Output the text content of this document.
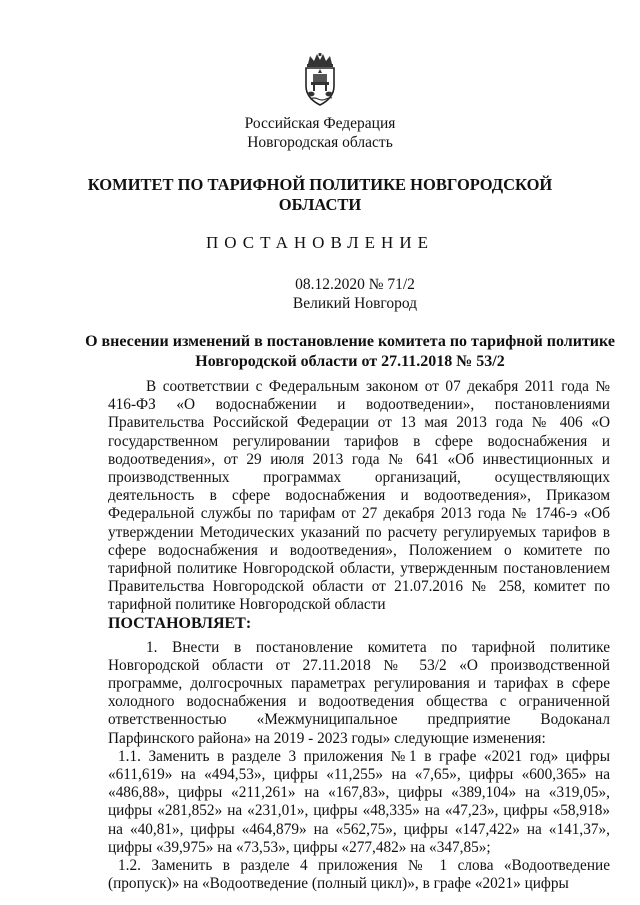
Российская Федерация
Новгородская область
КОМИТЕТ ПО ТАРИФНОЙ ПОЛИТИКЕ НОВГОРОДСКОЙ
ОБЛАСТИ
ПОСТАНОВЛЕНИЕ
08.12.2020 № 71/2
Великий Новгород
О внесении изменений в постановление комитета по тарифной политике
Новгородской области от 27.11.2018 № 53/2

В соответствии с Федеральным законом от 07 декабря 2011 года № 416-ФЗ «О водоснабжении и водоотведении», постановлениями Правительства Российской Федерации от 13 мая 2013 года № 406 «О государственном регулировании тарифов в сфере водоснабжения и водоотведения», от 29 июля 2013 года № 641 «Об инвестиционных и производственных программах организаций, осуществляющих деятельность в сфере водоснабжения и водоотведения», Приказом Федеральной службы по тарифам от 27 декабря 2013 года № 1746-э «Об утверждении Методических указаний по расчету регулируемых тарифов в сфере водоснабжения и водоотведения», Положением о комитете по тарифной политике Новгородской области, утвержденным постановлением Правительства Новгородской области от 21.07.2016 № 258, комитет по тарифной политике Новгородской области

ПОСТАНОВЛЯЕТ:

1. Внести в постановление комитета по тарифной политике Новгородской области от 27.11.2018 № 53/2 «О производственной программе, долгосрочных параметрах регулирования и тарифах в сфере холодного водоснабжения и водоотведения общества с ограниченной ответственностью «Межмуниципальное предприятие Водоканал Парфинского района» на 2019 - 2023 годы» следующие изменения:

1.1. Заменить в разделе 3 приложения №1 в графе «2021 год» цифры «611,619» на «494,53», цифры «11,255» на «7,65», цифры «600,365» на «486,88», цифры «211,261» на «167,83», цифры «389,104» на «319,05», цифры «281,852» на «231,01», цифры «48,335» на «47,23», цифры «58,918» на «40,81», цифры «464,879» на «562,75», цифры «147,422» на «141,37», цифры «39,975» на «73,53», цифры «277,482» на «347,85»;

1.2. Заменить в разделе 4 приложения № 1 слова «Водоотведение (пропуск)» на «Водоотведение (полный цикл)», в графе «2021» цифры
